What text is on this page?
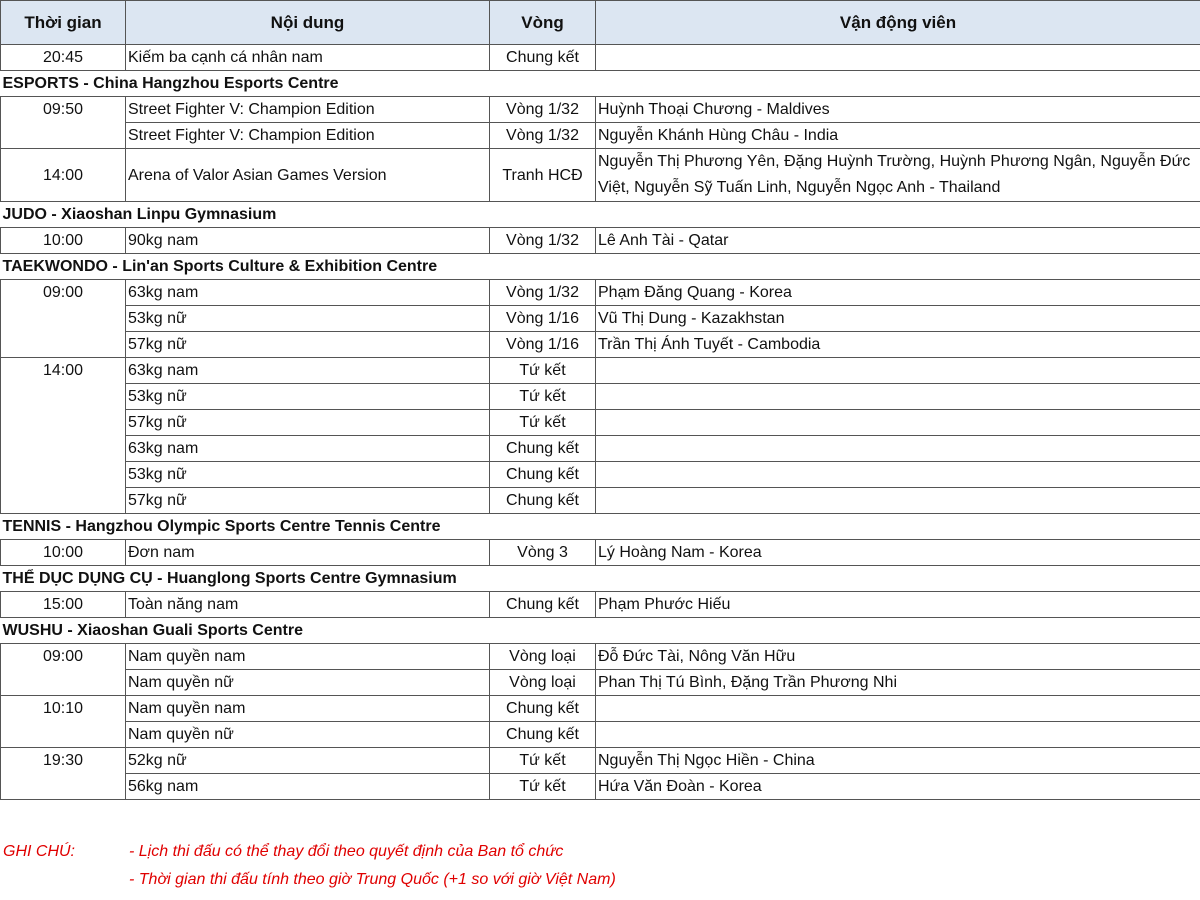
Thời gian	Nội dung	Vòng	Vận động viên
20:45	Kiếm ba cạnh cá nhân nam	Chung kết	
ESPORTS - China Hangzhou Esports Centre			
09:50	Street Fighter V: Champion Edition	Vòng 1/32	Huỳnh Thoại Chương - Maldives
	Street Fighter V: Champion Edition	Vòng 1/32	Nguyễn Khánh Hùng Châu - India
14:00	Arena of Valor Asian Games Version	Tranh HCĐ	Nguyễn Thị Phương Yên, Đặng Huỳnh Trường, Huỳnh Phương Ngân, Nguyễn Đức Việt, Nguyễn Sỹ Tuấn Linh, Nguyễn Ngọc Anh - Thailand
JUDO - Xiaoshan Linpu Gymnasium			
10:00	90kg nam	Vòng 1/32	Lê Anh Tài - Qatar
TAEKWONDO - Lin'an Sports Culture & Exhibition Centre			
09:00	63kg nam	Vòng 1/32	Phạm Đăng Quang - Korea
	53kg nữ	Vòng 1/16	Vũ Thị Dung - Kazakhstan
	57kg nữ	Vòng 1/16	Trần Thị Ánh Tuyết - Cambodia
14:00	63kg nam	Tứ kết	
	53kg nữ	Tứ kết	
	57kg nữ	Tứ kết	
	63kg nam	Chung kết	
	53kg nữ	Chung kết	
	57kg nữ	Chung kết	
TENNIS - Hangzhou Olympic Sports Centre Tennis Centre			
10:00	Đơn nam	Vòng 3	Lý Hoàng Nam - Korea
THỂ DỤC DỤNG CỤ - Huanglong Sports Centre Gymnasium			
15:00	Toàn năng nam	Chung kết	Phạm Phước Hiếu
WUSHU - Xiaoshan Guali Sports Centre			
09:00	Nam quyền nam	Vòng loại	Đỗ Đức Tài, Nông Văn Hữu
	Nam quyền nữ	Vòng loại	Phan Thị Tú Bình, Đặng Trần Phương Nhi
10:10	Nam quyền nam	Chung kết	
	Nam quyền nữ	Chung kết	
19:30	52kg nữ	Tứ kết	Nguyễn Thị Ngọc Hiền - China
	56kg nam	Tứ kết	Hứa Văn Đoàn - Korea
GHI CHÚ:	- Lịch thi đấu có thể thay đổi theo quyết định của Ban tổ chức
- Thời gian thi đấu tính theo giờ Trung Quốc (+1 so với giờ Việt Nam)
